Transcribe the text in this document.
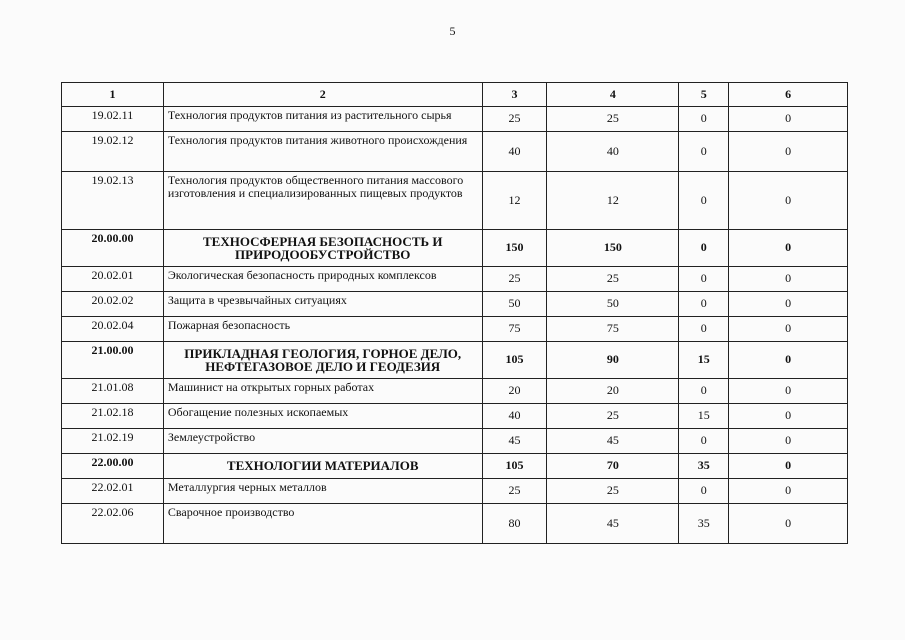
5
1	2	3	4	5	6
19.02.11	Технология продуктов питания из растительного сырья	25	25	0	0
19.02.12	Технология продуктов питания животного происхождения	40	40	0	0
19.02.13	Технология продуктов общественного питания массового изготовления и специализированных пищевых продуктов	12	12	0	0
20.00.00	ТЕХНОСФЕРНАЯ БЕЗОПАСНОСТЬ И ПРИРОДООБУСТРОЙСТВО	150	150	0	0
20.02.01	Экологическая безопасность природных комплексов	25	25	0	0
20.02.02	Защита в чрезвычайных ситуациях	50	50	0	0
20.02.04	Пожарная безопасность	75	75	0	0
21.00.00	ПРИКЛАДНАЯ ГЕОЛОГИЯ, ГОРНОЕ ДЕЛО, НЕФТЕГАЗОВОЕ ДЕЛО И ГЕОДЕЗИЯ	105	90	15	0
21.01.08	Машинист на открытых горных работах	20	20	0	0
21.02.18	Обогащение полезных ископаемых	40	25	15	0
21.02.19	Землеустройство	45	45	0	0
22.00.00	ТЕХНОЛОГИИ МАТЕРИАЛОВ	105	70	35	0
22.02.01	Металлургия черных металлов	25	25	0	0
22.02.06	Сварочное производство	80	45	35	0
